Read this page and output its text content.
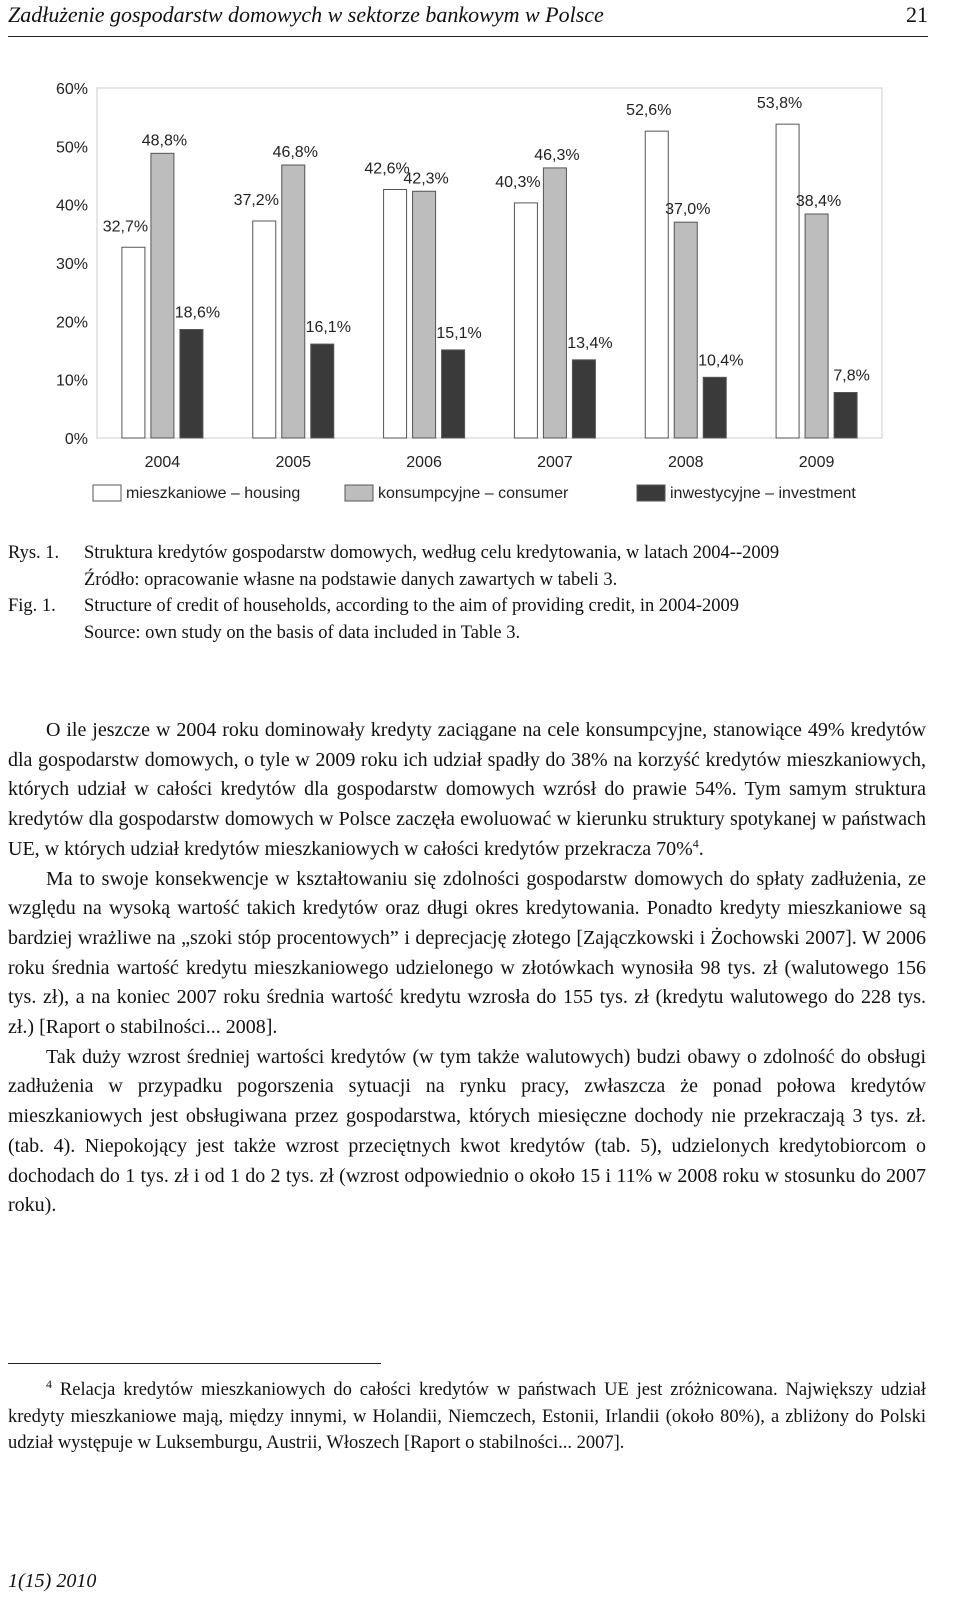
Zadłużenie gospodarstw domowych w sektorze bankowym w Polsce	21
0%
10%
20%
30%
40%
50%
60%
2004
32,7%
48,8%
18,6%
2005
37,2%
46,8%
16,1%
2006
42,6%
42,3%
15,1%
2007
40,3%
46,3%
13,4%
2008
52,6%
37,0%
10,4%
2009
53,8%
38,4%
7,8%
mieszkaniowe – housing	konsumpcyjne – consumer	inwestycyjne – investment
Rys. 1. Struktura kredytów gospodarstw domowych, według celu kredytowania, w latach 2004-​-2009
Źródło: opracowanie własne na podstawie danych zawartych w tabeli 3.
Fig. 1. Structure of credit of households, according to the aim of providing credit, in 2004-2009
Source: own study on the basis of data included in Table 3.

O ile jeszcze w 2004 roku dominowały kredyty zaciągane na cele konsumpcyjne, stanowiące 49% kredytów dla gospodarstw domowych, o tyle w 2009 roku ich udział spadły do 38% na korzyść kredytów mieszkaniowych, których udział w całości kredytów dla gospodarstw domowych wzrósł do prawie 54%. Tym samym struktura kredytów dla gospodarstw domowych w Polsce zaczęła ewoluować w kierunku struktury spotykanej w państwach UE, w których udział kredytów mieszkaniowych w całości kredytów przekracza 70%$^4$.

Ma to swoje konsekwencje w kształtowaniu się zdolności gospodarstw domowych do spłaty zadłużenia, ze względu na wysoką wartość takich kredytów oraz długi okres kredytowania. Ponadto kredyty mieszkaniowe są bardziej wrażliwe na „szoki stóp procentowych” i deprecjację złotego [Zajączkowski i Żochowski 2007]. W 2006 roku średnia wartość kredytu mieszkaniowego udzielonego w złotówkach wynosiła 98 tys. zł (walutowego 156 tys. zł), a na koniec 2007 roku średnia wartość kredytu wzrosła do 155 tys. zł (kredytu walutowego do 228 tys. zł.) [Raport o stabilności... 2008].

Tak duży wzrost średniej wartości kredytów (w tym także walutowych) budzi obawy o zdolność do obsługi zadłużenia w przypadku pogorszenia sytuacji na rynku pracy, zwłaszcza że ponad połowa kredytów mieszkaniowych jest obsługiwana przez gospodarstwa, których miesięczne dochody nie przekraczają 3 tys. zł. (tab. 4). Niepokojący jest także wzrost przeciętnych kwot kredytów (tab. 5), udzielonych kredytobiorcom o dochodach do 1 tys. zł i od 1 do 2 tys. zł (wzrost odpowiednio o około 15 i 11% w 2008 roku w stosunku do 2007 roku).

$^4$ Relacja kredytów mieszkaniowych do całości kredytów w państwach UE jest zróżnicowana. Największy udział kredyty mieszkaniowe mają, między innymi, w Holandii, Niemczech, Estonii, Irlandii (około 80%), a zbliżony do Polski udział występuje w Luksemburgu, Austrii, Włoszech [Raport o stabilności... 2007].

1(15) 2010
